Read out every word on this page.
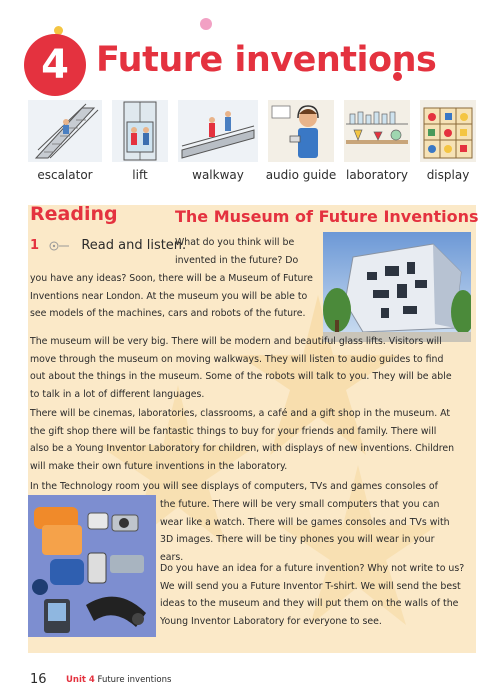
4 Future inventions
escalator	lift	walkway	audio guide laboratory	display
Reading	The Museum of Future Inventions
1	Read and listen.
What do you think will be invented in the future? Do
you have any ideas? Soon, there will be a Museum of Future Inventions near London. At the museum you will be able to see models of the machines, cars and robots of the future.
The museum will be very big. There will be modern and beautiful glass lifts. Visitors will move through the museum on moving walkways. They will listen to audio guides to find out about the things in the museum. Some of the robots will talk to you. They will be able to talk in a lot of different languages.
There will be cinemas, laboratories, classrooms, a café and a gift shop in the museum. At the gift shop there will be fantastic things to buy for your friends and family. There will also be a Young Inventor Laboratory for children, with displays of new inventions. Children will make their own future inventions in the laboratory.
In the Technology room you will see displays of computers, TVs and games consoles of
the future. There will be very small computers that you can wear like a watch. There will be games consoles and TVs with 3D images. There will be tiny phones you will wear in your ears.
Do you have an idea for a future invention? Why not write to us? We will send you a Future Inventor T-shirt. We will send the best ideas to the museum and they will put them on the walls of the Young Inventor Laboratory for everyone to see.
16 Unit 4 Future inventions
